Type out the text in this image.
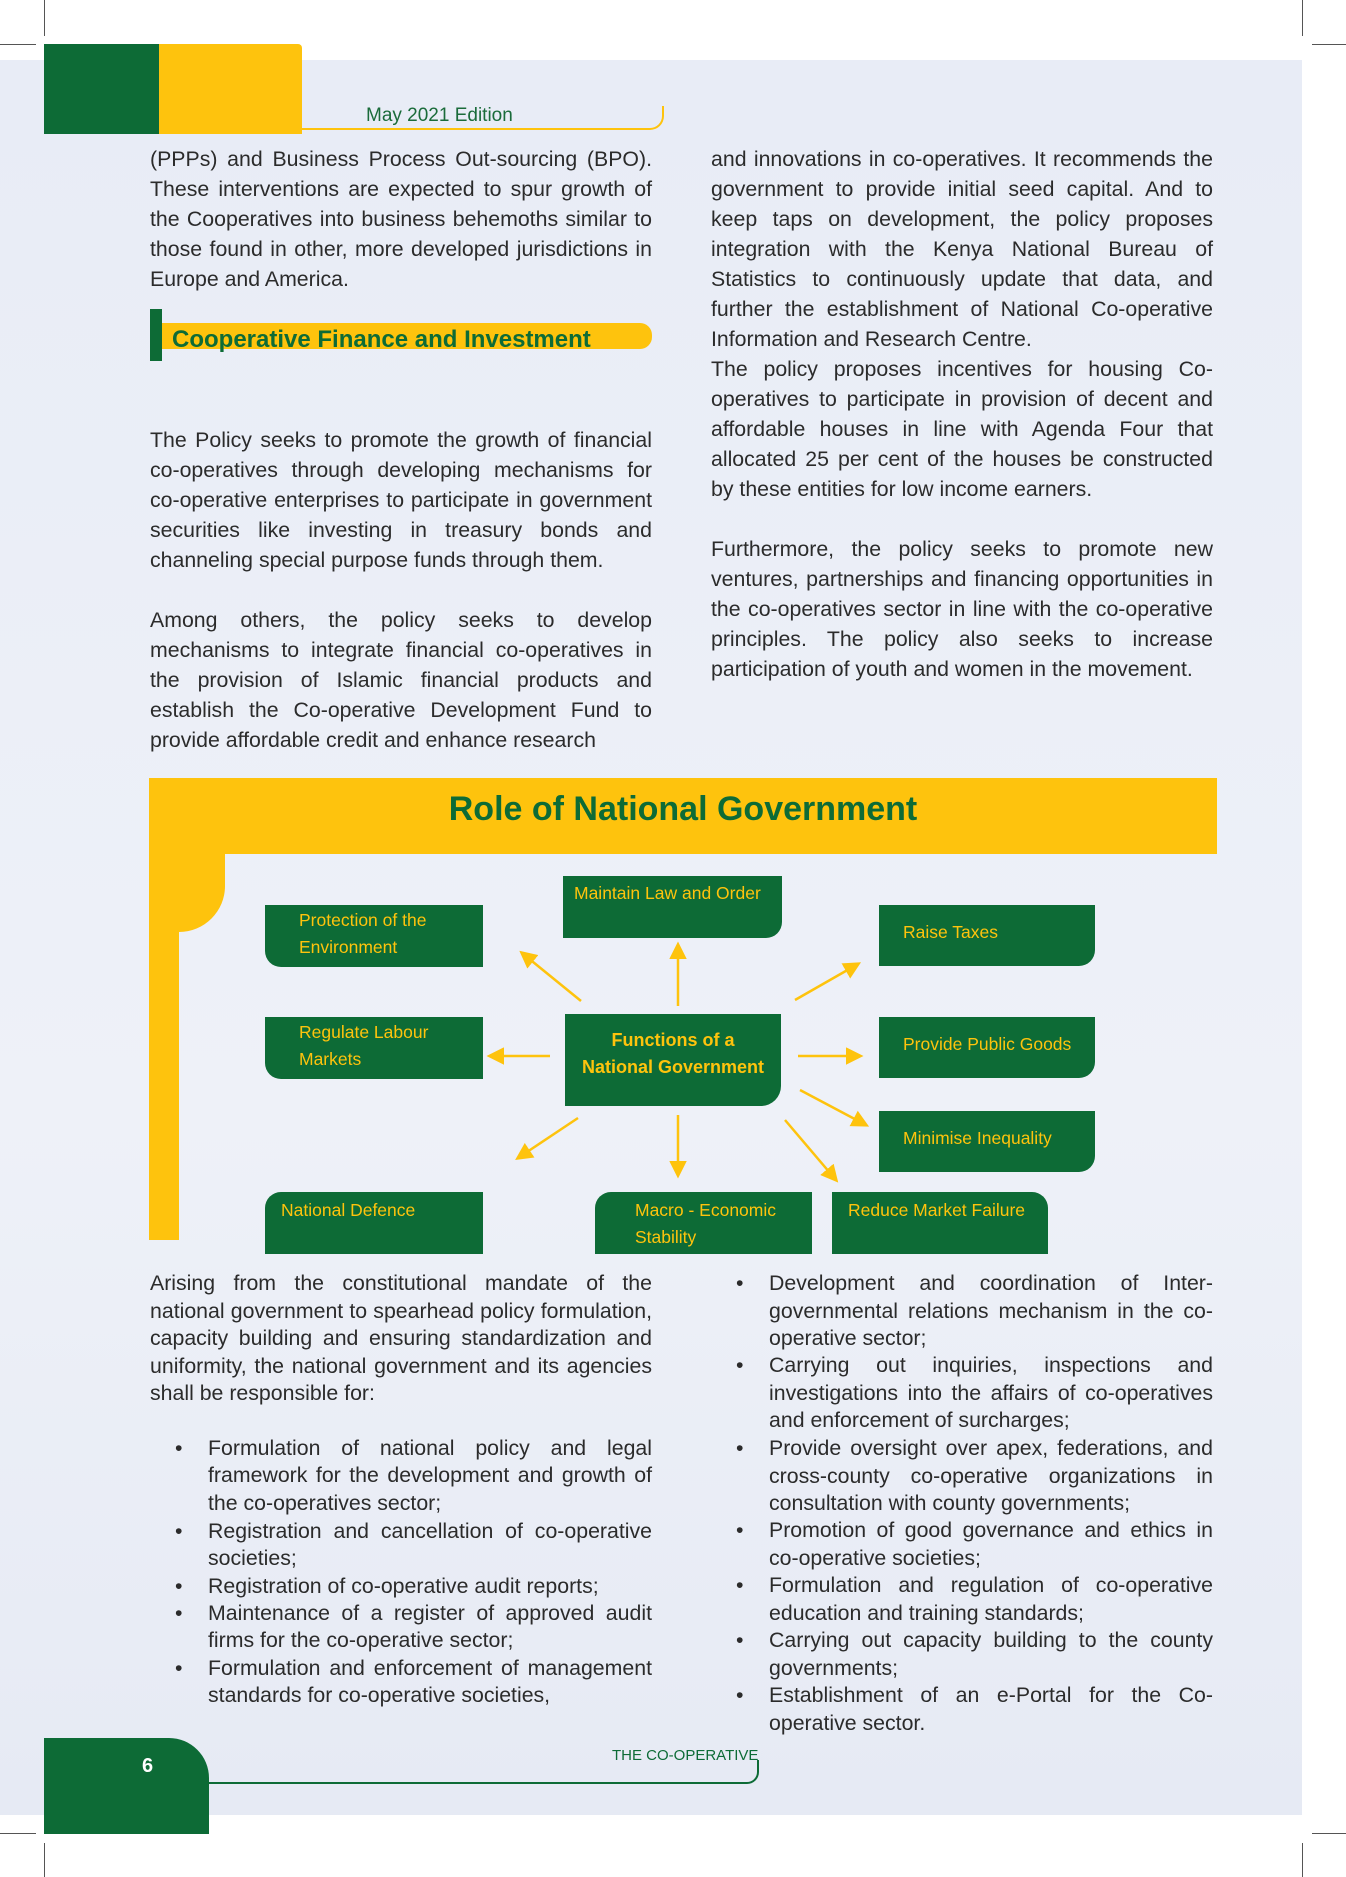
May 2021 Edition

(PPPs) and Business Process Out-sourcing (BPO). These interventions are expected to spur growth of the Cooperatives into business behemoths similar to those found in other, more developed jurisdictions in Europe and America.

The Policy seeks to promote the growth of financial co-operatives through developing mechanisms for co-operative enterprises to participate in government securities like investing in treasury bonds and channeling special purpose funds through them.

Among others, the policy seeks to develop mechanisms to integrate financial co-operatives in the provision of Islamic financial products and establish the Co-operative Development Fund to provide affordable credit and enhance research

Cooperative Finance and Investment

and innovations in co-operatives. It recommends the government to provide initial seed capital. And to keep taps on development, the policy proposes integration with the Kenya National Bureau of Statistics to continuously update that data, and further the establishment of National Co-operative Information and Research Centre.

The policy proposes incentives for housing Co-operatives to participate in provision of decent and affordable houses in line with Agenda Four that allocated 25 per cent of the houses be constructed by these entities for low income earners.

Furthermore, the policy seeks to promote new ventures, partnerships and financing opportunities in the co-operatives sector in line with the co-operative principles. The policy also seeks to increase participation of youth and women in the movement.

Role of National Government
Functions of a
National Government
Protection of the
Environment
Maintain Law and Order
Raise Taxes
Regulate Labour
Markets
Provide Public Goods
Minimise Inequality
National Defence	Macro - Economic
Stability
Reduce Market Failure

Arising from the constitutional mandate of the national government to spearhead policy formulation, capacity building and ensuring standardization and uniformity, the national government and its agencies shall be responsible for:

• Formulation of national policy and legal framework for the development and growth of the co-operatives sector;
• Registration and cancellation of co-operative societies;
• Registration of co-operative audit reports;
• Maintenance of a register of approved audit firms for the co-operative sector;
• Formulation and enforcement of management standards for co-operative societies,
• Development and coordination of Inter-governmental relations mechanism in the co-operative sector;
• Carrying out inquiries, inspections and investigations into the affairs of co-operatives and enforcement of surcharges;
• Provide oversight over apex, federations, and cross-county co-operative organizations in consultation with county governments;
• Promotion of good governance and ethics in co-operative societies;
• Formulation and regulation of co-operative education and training standards;
• Carrying out capacity building to the county governments;
• Establishment of an e-Portal for the Co-operative sector.
6	THE CO-OPERATIVE
